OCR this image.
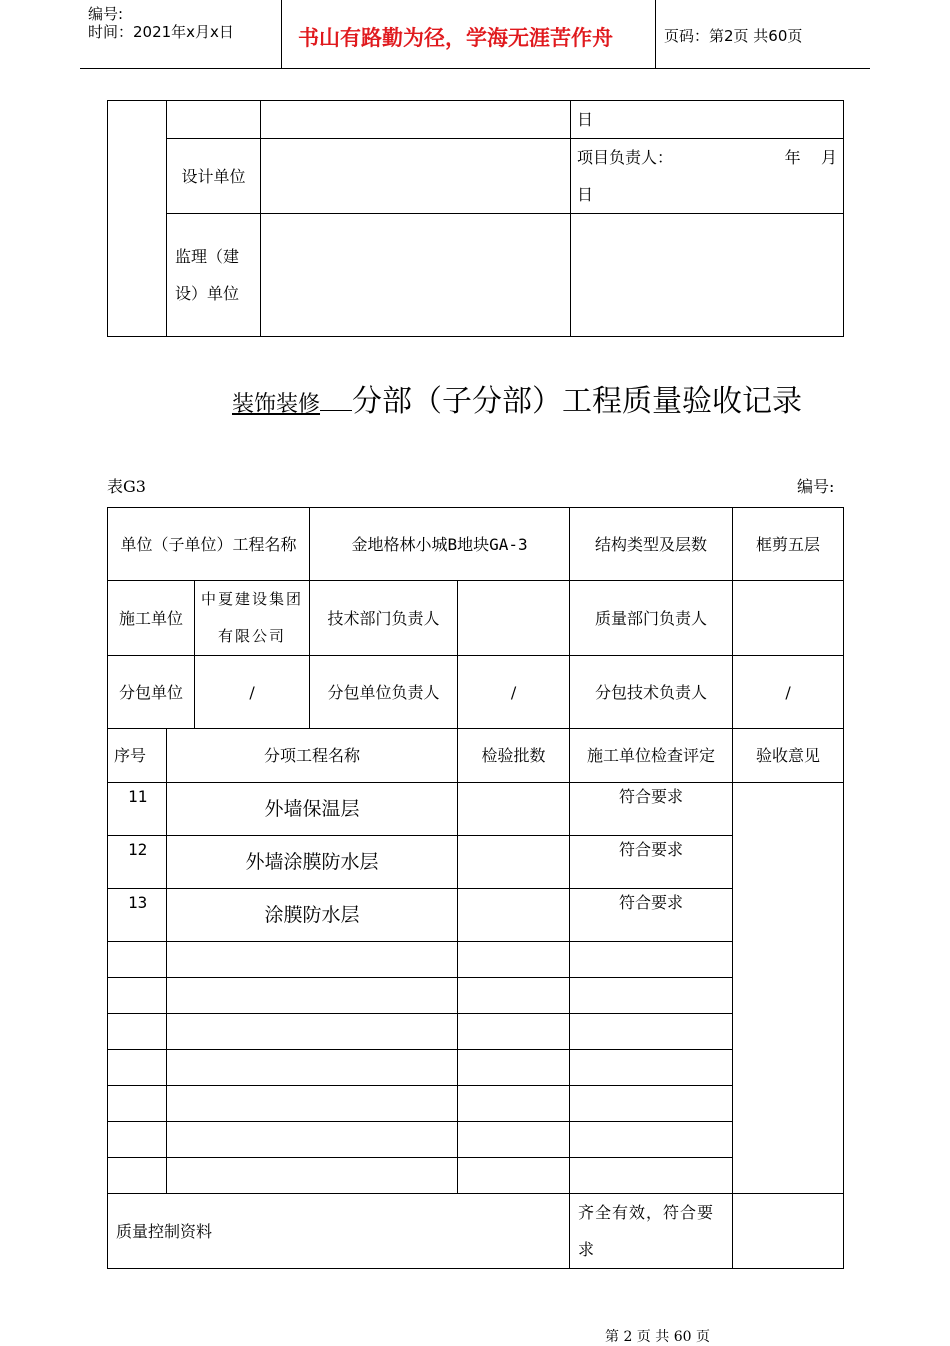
编号:
时间：2021年x月x日	书山有路勤为径，学海无涯苦作舟	页码：第2页 共60页
			日
	设计单位		项目负责人： 年    月
日

	监理（建设）单位		
装饰装修 分部（子分部）工程质量验收记录
表G3	编号:
单位（子单位）工程名称			金地格林小城B地块GA-3		结构类型及层数	框剪五层
施工单位		中夏建设集团有限公司	技术部门负责人		质量部门负责人	
分包单位		/	分包单位负责人	/	分包技术负责人	/
序号	分项工程名称			检验批数	施工单位检查评定	验收意见
11	外墙保温层				符合要求	
12	外墙涂膜防水层				符合要求	
13	涂膜防水层				符合要求	

质量控制资料					齐全有效，符合要求	
第 2 页 共 60 页
